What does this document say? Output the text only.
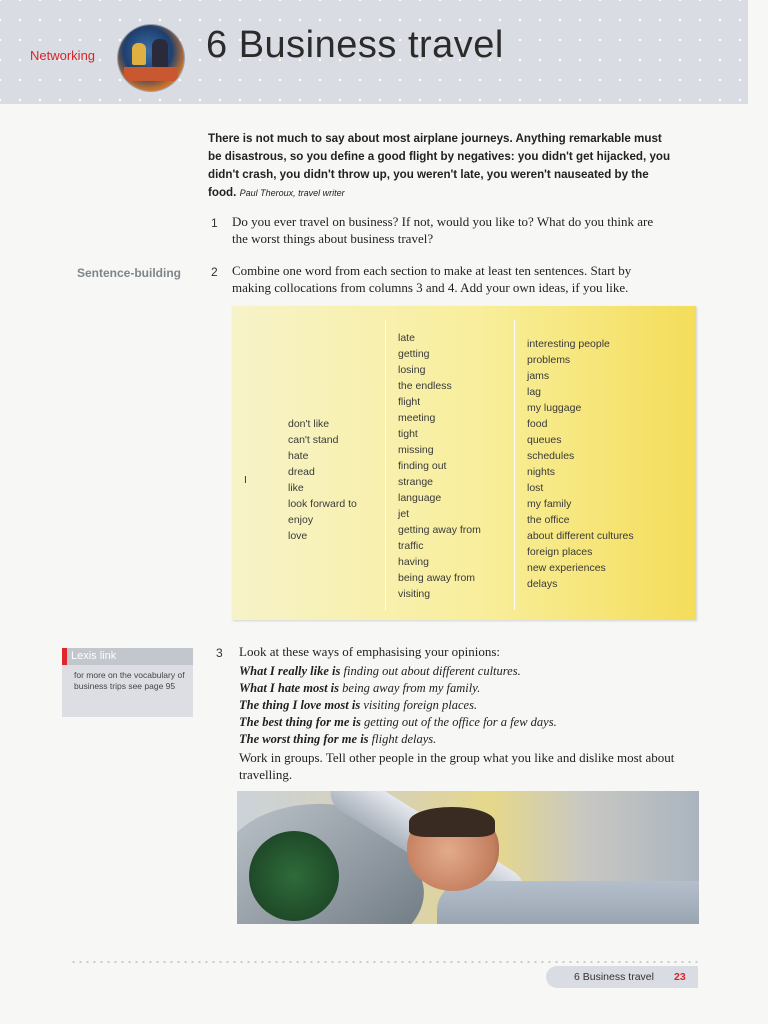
Networking	6 Business travel
There is not much to say about most airplane journeys. Anything remarkable must be disastrous, so you define a good flight by negatives: you didn't get hijacked, you didn't crash, you didn't throw up, you weren't late, you weren't nauseated by the food. Paul Theroux, travel writer
1 Do you ever travel on business? If not, would you like to? What do you think are the worst things about business travel?
Sentence-building 2 Combine one word from each section to make at least ten sentences. Start by making collocations from columns 3 and 4. Add your own ideas, if you like.
I
don't like
can't stand
hate
dread
like
look forward to
enjoy
love
late
getting
losing
the endless
flight
meeting
tight
missing
finding out
strange
language
jet
getting away from
traffic
having
being away from
visiting
interesting people
problems
jams
lag
my luggage
food
queues
schedules
nights
lost
my family
the office
about different cultures
foreign places
new experiences
delays
Lexis link
for more on the vocabulary of business trips see page 95
3 Look at these ways of emphasising your opinions:
What I really like is finding out about different cultures.
What I hate most is being away from my family.
The thing I love most is visiting foreign places.
The best thing for me is getting out of the office for a few days.
The worst thing for me is flight delays.
Work in groups. Tell other people in the group what you like and dislike most about travelling.
6 Business travel 23
